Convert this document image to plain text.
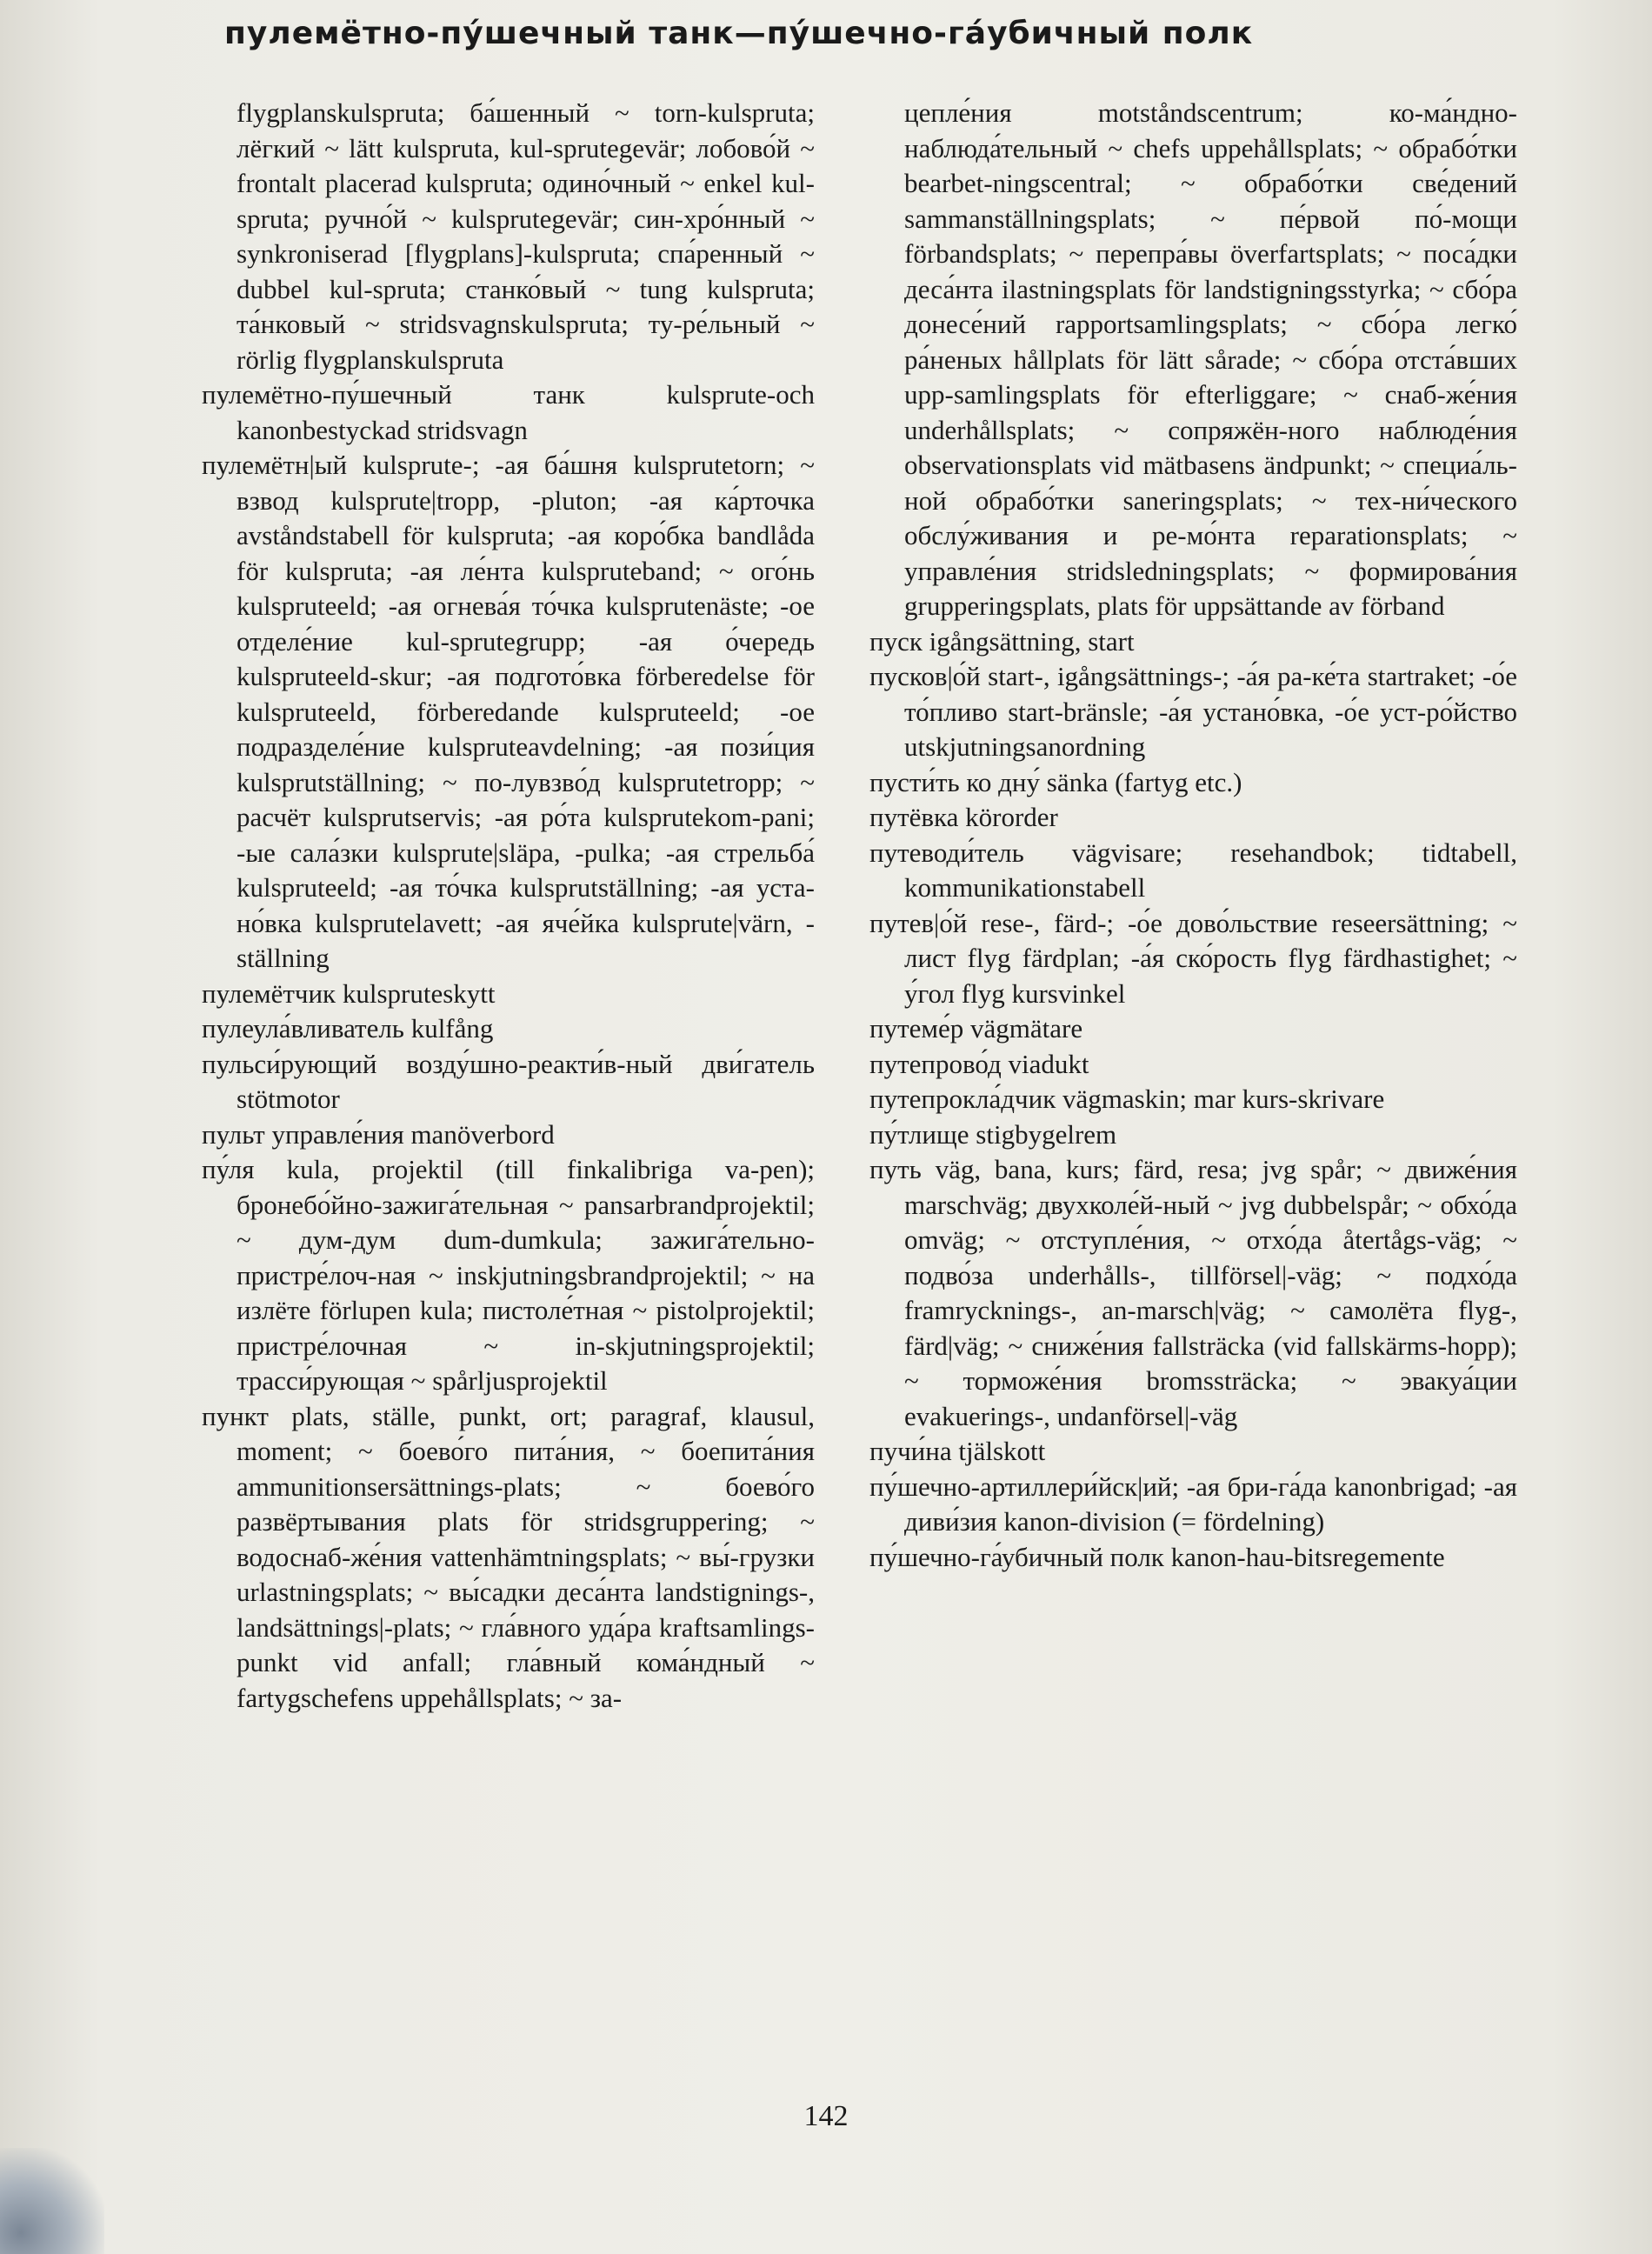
пулемётно-пу́шечный танк—пу́шечно-га́убичный полк

flygplanskulspruta; ба́шенный ~ torn-kulspruta; лёгкий ~ lätt kulspruta, kul-sprutegevär; лобово́й ~ frontalt placerad kulspruta; одино́чный ~ enkel kul-spruta; ручно́й ~ kulsprutegevär; син-хро́нный ~ synkroniserad [flygplans]-kulspruta; спа́ренный ~ dubbel kul-spruta; станко́вый ~ tung kulspruta; та́нковый ~ stridsvagnskulspruta; ту-ре́льный ~ rörlig flygplanskulspruta

пулемётно-пу́шечный танк kulsprute-och kanonbestyckad stridsvagn

пулемётн|ый kulsprute-; -ая ба́шня kulsprutetorn; ~ взвод kulsprute|tropp, -pluton; -ая ка́рточка avståndstabell för kulspruta; -ая коро́бка bandlåda för kulspruta; -ая ле́нта kulspruteband; ~ ого́нь kulspruteeld; -ая огнева́я то́чка kulsprutenäste; -ое отделе́ние kul-sprutegrupp; -ая о́чередь kulspruteeld-skur; -ая подгото́вка förberedelse för kulspruteeld, förberedande kulspruteeld; -ое подразделе́ние kulspruteavdelning; -ая пози́ция kulsprutställning; ~ по-лувзво́д kulsprutetropp; ~ расчёт kulsprutservis; -ая ро́та kulsprutekom-pani; -ые сала́зки kulsprute|släpa, -pulka; -ая стрельба́ kulspruteeld; -ая то́чка kulsprutställning; -ая уста-но́вка kulsprutelavett; -ая яче́йка kulsprute|värn, -ställning

пулемётчик kulspruteskytt

пулеула́вливатель kulfång

пульси́рующий возду́шно-реакти́в-ный дви́гатель stötmotor

пульт управле́ния manöverbord

пу́ля kula, projektil (till finkalibriga va-pen); бронебо́йно-зажига́тельная ~ pansarbrandprojektil; ~ дум-дум dum-dumkula; зажига́тельно-пристре́лоч-ная ~ inskjutningsbrandprojektil; ~ на излёте förlupen kula; пистоле́тная ~ pistolprojektil; пристре́лочная ~ in-skjutningsprojektil; трасси́рующая ~ spårljusprojektil

пункт plats, ställe, punkt, ort; paragraf, klausul, moment; ~ боево́го пита́ния, ~ боепита́ния ammunitionsersättnings-plats; ~ боево́го развёртывания plats för stridsgruppering; ~ водоснаб-же́ния vattenhämtningsplats; ~ вы́-грузки urlastningsplats; ~ вы́садки деса́нта landstignings-, landsättnings|-plats; ~ гла́вного уда́ра kraftsamlings-punkt vid anfall; гла́вный кома́ндный ~ fartygschefens uppehållsplats; ~ за-

цепле́ния motståndscentrum; ко-ма́ндно-наблюда́тельный ~ chefs uppehållsplats; ~ обрабо́тки bearbet-ningscentral; ~ обрабо́тки све́дений sammanställningsplats; ~ пе́рвой по́-мощи förbandsplats; ~ перепра́вы överfartsplats; ~ поса́дки деса́нта ilastningsplats för landstigningsstyrka; ~ сбо́ра донесе́ний rapportsamlingsplats; ~ сбо́ра легко́ ра́неных hållplats för lätt sårade; ~ сбо́ра отста́вших upp-samlingsplats för efterliggare; ~ снаб-же́ния underhållsplats; ~ сопряжён-ного наблюде́ния observationsplats vid mätbasens ändpunkt; ~ специа́ль-ной обрабо́тки saneringsplats; ~ тех-ни́ческого обслу́живания и ре-мо́нта reparationsplats; ~ управле́ния stridsledningsplats; ~ формирова́ния grupperingsplats, plats för uppsättande av förband

пуск igångsättning, start

пусков|о́й start-, igångsättnings-; -а́я ра-ке́та startraket; -о́е то́пливо start-bränsle; -а́я устано́вка, -о́е уст-ро́йство utskjutningsanordning

пусти́ть ко дну́ sänka (fartyg etc.)

путёвка körorder

путеводи́тель vägvisare; resehandbok; tidtabell, kommunikationstabell

путев|о́й rese-, färd-; -о́е дово́льствие reseersättning; ~ лист flyg färdplan; -а́я ско́рость flyg färdhastighet; ~ у́гол flyg kursvinkel

путеме́р vägmätare

путепрово́д viadukt

путепрокла́дчик vägmaskin; mar kurs-skrivare

пу́тлище stigbygelrem

путь väg, bana, kurs; färd, resa; jvg spår; ~ движе́ния marschväg; двухколе́й-ный ~ jvg dubbelspår; ~ обхо́да omväg; ~ отступле́ния, ~ отхо́да återtågs-väg; ~ подво́за underhålls-, tillförsel|-väg; ~ подхо́да framrycknings-, an-marsch|väg; ~ самолёта flyg-, färd|väg; ~ сниже́ния fallsträcka (vid fallskärms-hopp); ~ торможе́ния bromssträcka; ~ эвакуа́ции evakuerings-, undanförsel|-väg

пучи́на tjälskott

пу́шечно-артиллери́йск|ий; -ая бри-га́да kanonbrigad; -ая диви́зия kanon-division (= fördelning)

пу́шечно-га́убичный полк kanon-hau-bitsregemente

142
